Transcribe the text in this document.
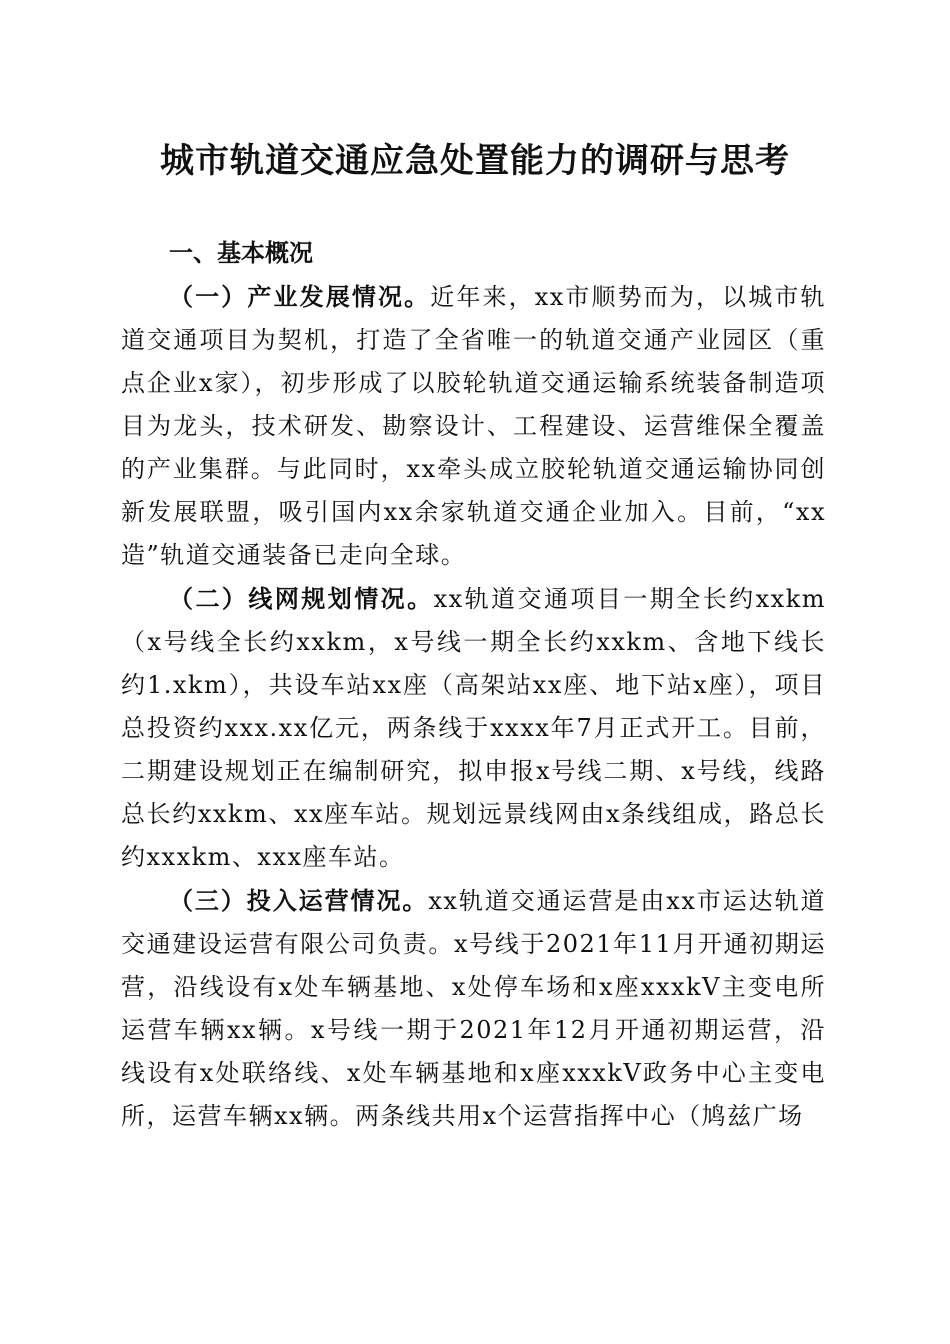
城市轨道交通应急处置能力的调研与思考
一、基本概况

（一）产业发展情况。近年来，xx市顺势而为，以城市轨道交通项目为契机，打造了全省唯一的轨道交通产业园区（重点企业x家），初步形成了以胶轮轨道交通运输系统装备制造项目为龙头，技术研发、勘察设计、工程建设、运营维保全覆盖的产业集群。与此同时，xx牵头成立胶轮轨道交通运输协同创新发展联盟，吸引国内xx余家轨道交通企业加入。目前，“xx造”轨道交通装备已走向全球。

（二）线网规划情况。xx轨道交通项目一期全长约xxkm（x号线全长约xxkm，x号线一期全长约xxkm、含地下线长约1.xkm），共设车站xx座（高架站xx座、地下站x座），项目总投资约xxx.xx亿元，两条线于xxxx年7月正式开工。目前，二期建设规划正在编制研究，拟申报x号线二期、x号线，线路总长约xxkm、xx座车站。规划远景线网由x条线组成，路总长约xxxkm、xxx座车站。

（三）投入运营情况。xx轨道交通运营是由xx市运达轨道交通建设运营有限公司负责。x号线于2021年11月开通初期运营，沿线设有x处车辆基地、x处停车场和x座xxxkV主变电所运营车辆xx辆。x号线一期于2021年12月开通初期运营，沿线设有x处联络线、x处车辆基地和x座xxxkV政务中心主变电所，运营车辆xx辆。两条线共用x个运营指挥中心（鸠兹广场
